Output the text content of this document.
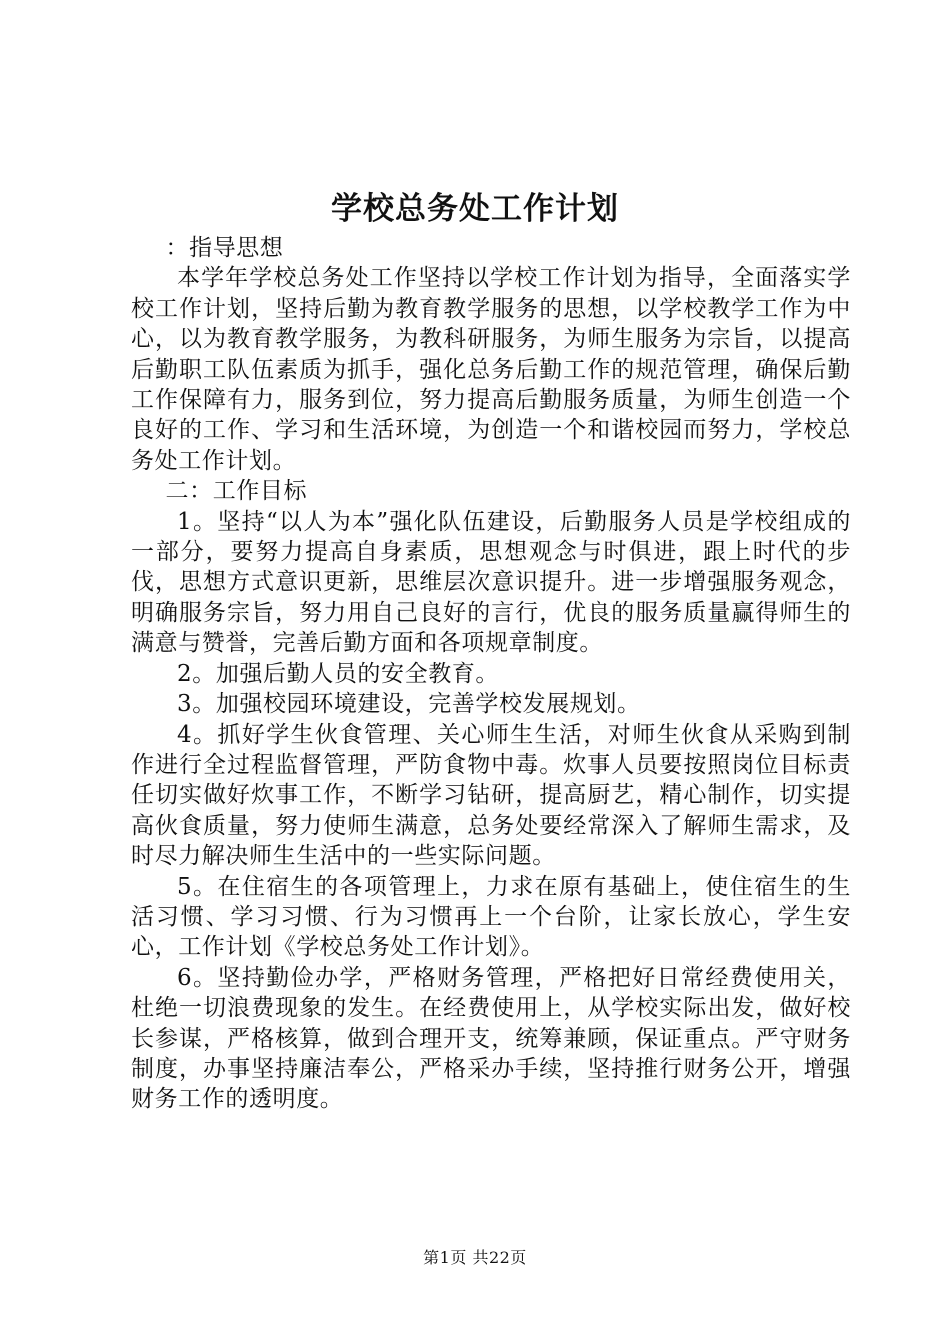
学校总务处工作计划

：指导思想

本学年学校总务处工作坚持以学校工作计划为指导，全面落实学校工作计划，坚持后勤为教育教学服务的思想，以学校教学工作为中心，以为教育教学服务，为教科研服务，为师生服务为宗旨，以提高后勤职工队伍素质为抓手，强化总务后勤工作的规范管理，确保后勤工作保障有力，服务到位，努力提高后勤服务质量，为师生创造一个良好的工作、学习和生活环境，为创造一个和谐校园而努力，学校总务处工作计划。

二：工作目标

1。坚持“以人为本”强化队伍建设，后勤服务人员是学校组成的一部分，要努力提高自身素质，思想观念与时俱进，跟上时代的步伐，思想方式意识更新，思维层次意识提升。进一步增强服务观念，明确服务宗旨，努力用自己良好的言行，优良的服务质量赢得师生的满意与赞誉，完善后勤方面和各项规章制度。

2。加强后勤人员的安全教育。

3。加强校园环境建设，完善学校发展规划。

4。抓好学生伙食管理、关心师生生活，对师生伙食从采购到制作进行全过程监督管理，严防食物中毒。炊事人员要按照岗位目标责任切实做好炊事工作，不断学习钻研，提高厨艺，精心制作，切实提高伙食质量，努力使师生满意，总务处要经常深入了解师生需求，及时尽力解决师生生活中的一些实际问题。

5。在住宿生的各项管理上，力求在原有基础上，使住宿生的生活习惯、学习习惯、行为习惯再上一个台阶，让家长放心，学生安心，工作计划《学校总务处工作计划》。

6。坚持勤俭办学，严格财务管理，严格把好日常经费使用关，杜绝一切浪费现象的发生。在经费使用上，从学校实际出发，做好校长参谋，严格核算，做到合理开支，统筹兼顾，保证重点。严守财务制度，办事坚持廉洁奉公，严格采办手续，坚持推行财务公开，增强财务工作的透明度。

第1页 共22页
